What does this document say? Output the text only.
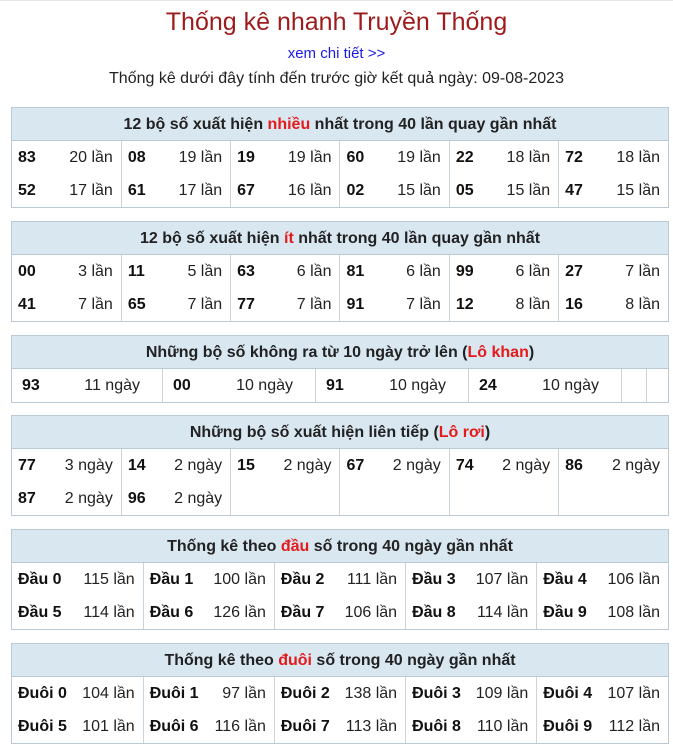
Thống kê nhanh Truyền Thống
xem chi tiết >>
Thống kê dưới đây tính đến trước giờ kết quả ngày: 09-08-2023
12 bộ số xuất hiện nhiều nhất trong 40 lần quay gần nhất
83 20 lần	08 19 lần	19 19 lần	60 19 lần	22 18 lần	72 18 lần

52 17 lần	61 17 lần	67 16 lần	02 15 lần	05 15 lần	47 15 lần
12 bộ số xuất hiện ít nhất trong 40 lần quay gần nhất
00 3 lần	11 5 lần	63 6 lần	81 6 lần	99 6 lần	27 7 lần

41 7 lần	65 7 lần	77 7 lần	91 7 lần	12 8 lần	16 8 lần
Những bộ số không ra từ 10 ngày trở lên (Lô khan)
93	11 ngày	00	10 ngày	91	10 ngày	24	10 ngày

Những bộ số xuất hiện liên tiếp (Lô rơi)
77 3 ngày	14 2 ngày	15 2 ngày	67 2 ngày	74 2 ngày	86 2 ngày

87 2 ngày	96 2 ngày				

Thống kê theo đầu số trong 40 ngày gần nhất
Đầu 0 115 lần	Đầu 1 100 lần	Đầu 2 111 lần	Đầu 3 107 lần	Đầu 4 106 lần

Đầu 5 114 lần	Đầu 6 126 lần	Đầu 7 106 lần	Đầu 8 114 lần	Đầu 9 108 lần
Thống kê theo đuôi số trong 40 ngày gần nhất
Đuôi 0 104 lần	Đuôi 1 97 lần	Đuôi 2 138 lần	Đuôi 3 109 lần	Đuôi 4 107 lần

Đuôi 5 101 lần	Đuôi 6 116 lần	Đuôi 7 113 lần	Đuôi 8 110 lần	Đuôi 9 112 lần
